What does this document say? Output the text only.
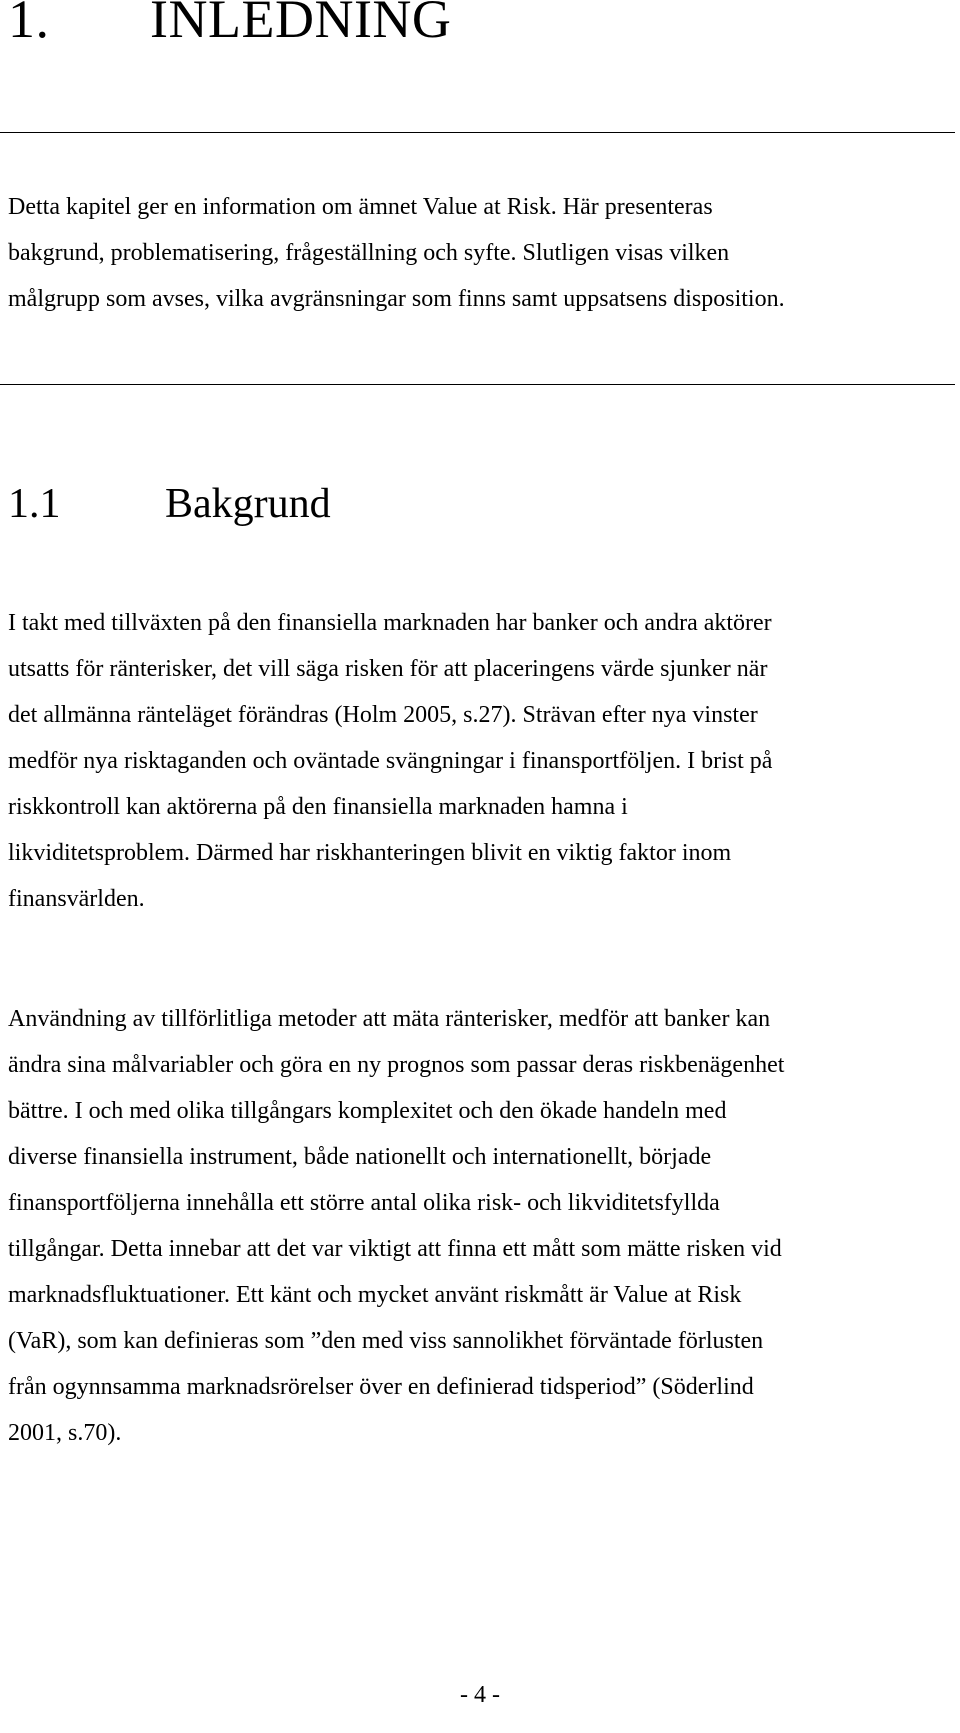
1. INLEDNING

Detta kapitel ger en information om ämnet Value at Risk. Här presenteras
bakgrund, problematisering, frågeställning och syfte. Slutligen visas vilken
målgrupp som avses, vilka avgränsningar som finns samt uppsatsens disposition.

1.1 Bakgrund

I takt med tillväxten på den finansiella marknaden har banker och andra aktörer
utsatts för ränterisker, det vill säga risken för att placeringens värde sjunker när
det allmänna ränteläget förändras (Holm 2005, s.27). Strävan efter nya vinster
medför nya risktaganden och oväntade svängningar i finansportföljen. I brist på
riskkontroll kan aktörerna på den finansiella marknaden hamna i
likviditetsproblem. Därmed har riskhanteringen blivit en viktig faktor inom
finansvärlden.

Användning av tillförlitliga metoder att mäta ränterisker, medför att banker kan
ändra sina målvariabler och göra en ny prognos som passar deras riskbenägenhet
bättre. I och med olika tillgångars komplexitet och den ökade handeln med
diverse finansiella instrument, både nationellt och internationellt, började
finansportföljerna innehålla ett större antal olika risk- och likviditetsfyllda
tillgångar. Detta innebar att det var viktigt att finna ett mått som mätte risken vid
marknadsfluktuationer. Ett känt och mycket använt riskmått är Value at Risk
(VaR), som kan definieras som ”den med viss sannolikhet förväntade förlusten
från ogynnsamma marknadsrörelser över en definierad tidsperiod” (Söderlind
2001, s.70).

- 4 -
